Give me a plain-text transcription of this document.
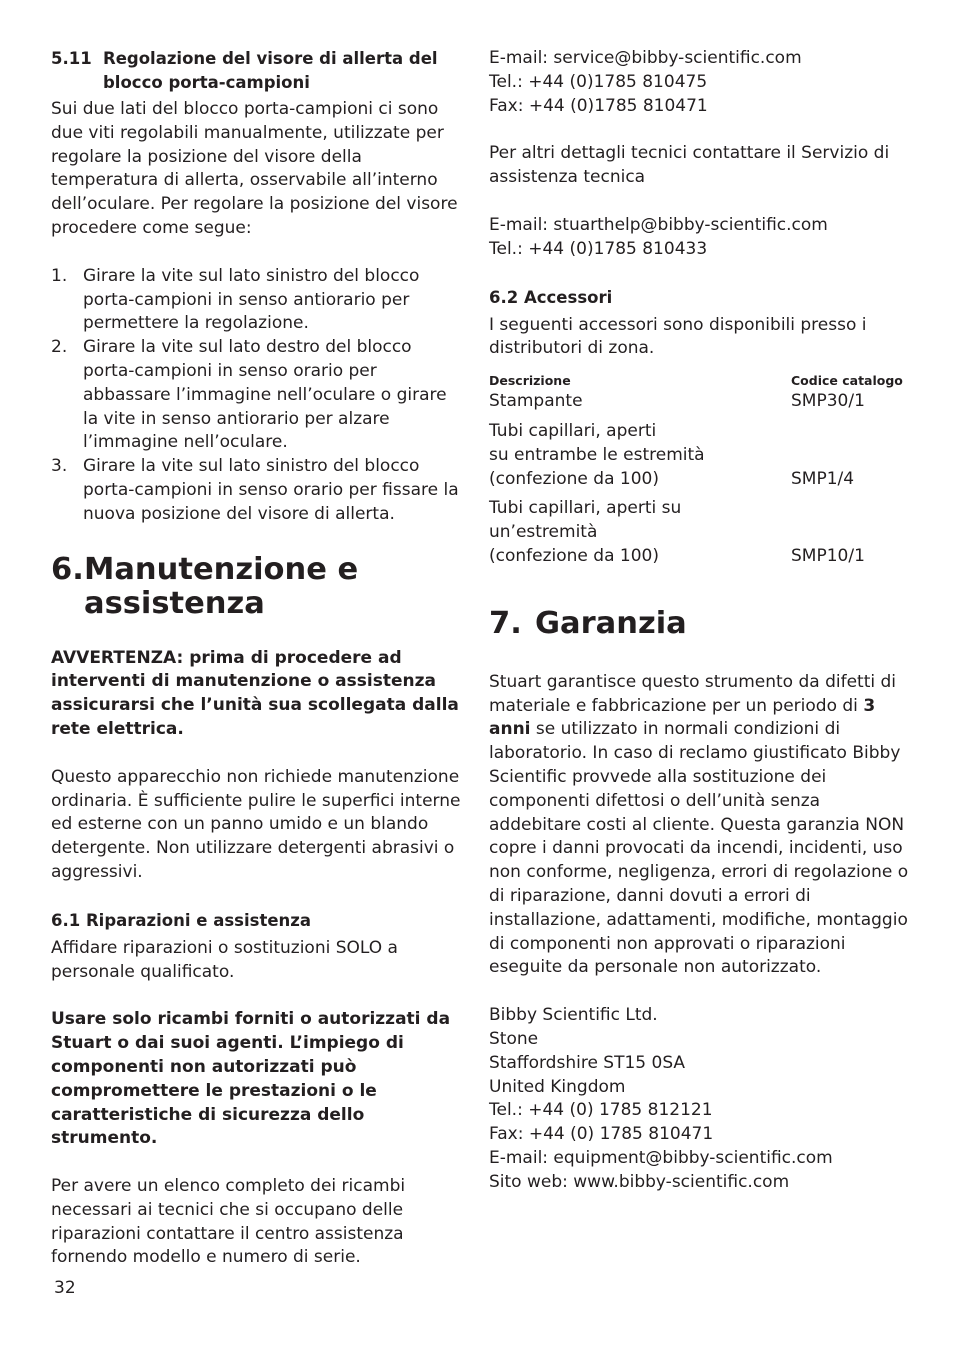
5.11 Regolazione del visore di allerta del blocco porta-campioni

Sui due lati del blocco porta-campioni ci sono due viti regolabili manualmente, utilizzate per regolare la posizione del visore della temperatura di allerta, osservabile all’interno dell’oculare. Per regolare la posizione del visore procedere come segue:

1. Girare la vite sul lato sinistro del blocco porta-campioni in senso antiorario per permettere la regolazione.
2. Girare la vite sul lato destro del blocco porta-campioni in senso orario per abbassare l’immagine nell’oculare o girare la vite in senso antiorario per alzare l’immagine nell’oculare.
3. Girare la vite sul lato sinistro del blocco porta-campioni in senso orario per fissare la nuova posizione del visore di allerta.
6. Manutenzione e assistenza

AVVERTENZA: prima di procedere ad interventi di manutenzione o assistenza assicurarsi che l’unità sua scollegata dalla rete elettrica.

Questo apparecchio non richiede manutenzione ordinaria. È sufficiente pulire le superfici interne ed esterne con un panno umido e un blando detergente. Non utilizzare detergenti abrasivi o aggressivi.

6.1 Riparazioni e assistenza

Affidare riparazioni o sostituzioni SOLO a personale qualificato.

Usare solo ricambi forniti o autorizzati da Stuart o dai suoi agenti. L’impiego di componenti non autorizzati può compromettere le prestazioni o le caratteristiche di sicurezza dello strumento.

Per avere un elenco completo dei ricambi necessari ai tecnici che si occupano delle riparazioni contattare il centro assistenza fornendo modello e numero di serie.

E-mail: service@bibby-scientific.com

Tel.: +44 (0)1785 810475

Fax: +44 (0)1785 810471

Per altri dettagli tecnici contattare il Servizio di assistenza tecnica

E-mail: stuarthelp@bibby-scientific.com

Tel.: +44 (0)1785 810433

6.2 Accessori

I seguenti accessori sono disponibili presso i distributori di zona.

Descrizione	Codice catalogo
Stampante	SMP30/1
Tubi capillari, aperti
su entrambe le estremità
(confezione da 100)	SMP1/4
Tubi capillari, aperti su
un’estremità
(confezione da 100)	SMP10/1
7. Garanzia

Stuart garantisce questo strumento da difetti di materiale e fabbricazione per un periodo di 3 anni se utilizzato in normali condizioni di laboratorio. In caso di reclamo giustificato Bibby Scientific provvede alla sostituzione dei componenti difettosi o dell’unità senza addebitare costi al cliente. Questa garanzia NON copre i danni provocati da incendi, incidenti, uso non conforme, negligenza, errori di regolazione o di riparazione, danni dovuti a errori di installazione, adattamenti, modifiche, montaggio di componenti non approvati o riparazioni eseguite da personale non autorizzato.

Bibby Scientific Ltd.

Stone

Staffordshire ST15 0SA

United Kingdom

Tel.: +44 (0) 1785 812121

Fax: +44 (0) 1785 810471

E-mail: equipment@bibby-scientific.com

Sito web: www.bibby-scientific.com

32
